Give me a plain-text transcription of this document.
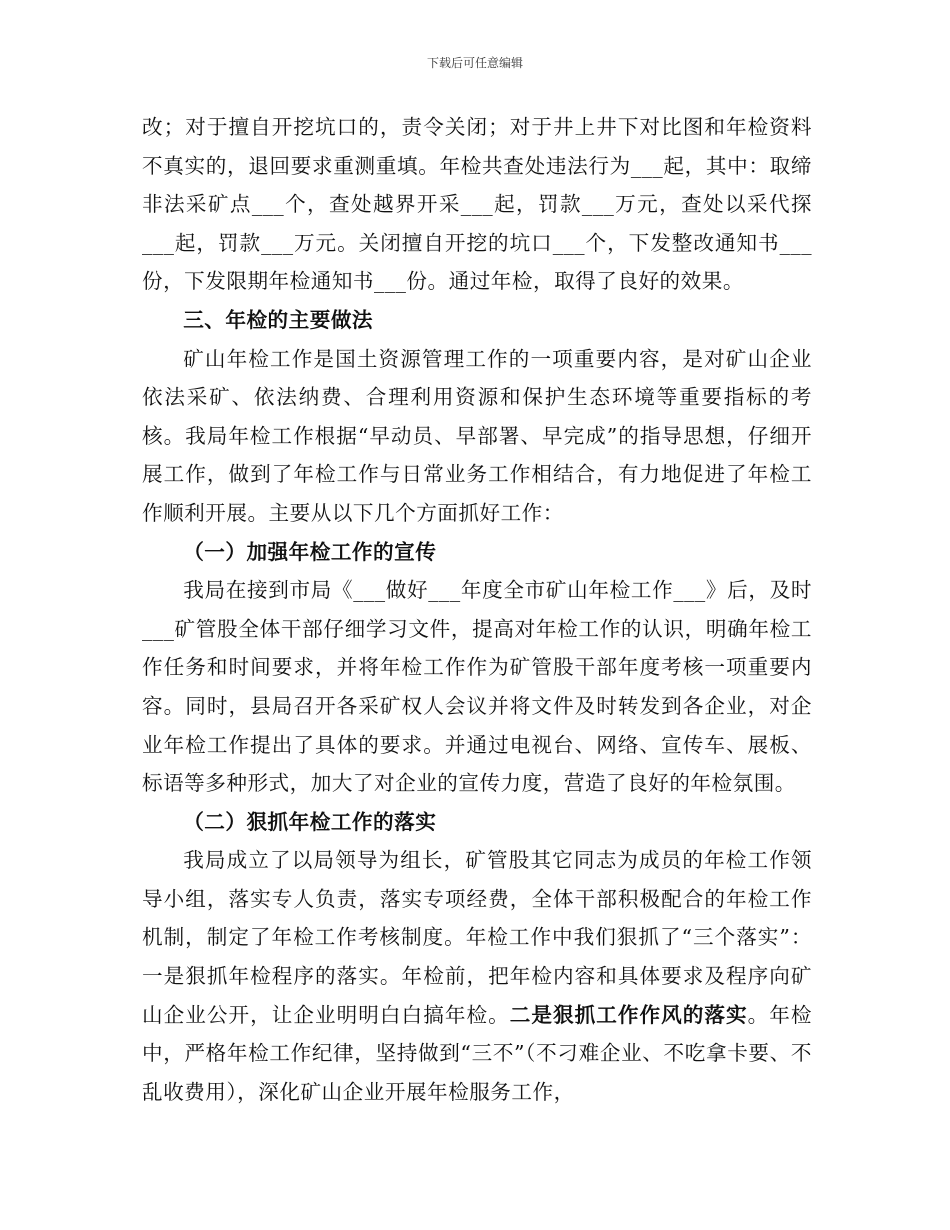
下载后可任意编辑

改；对于擅自开挖坑口的，责令关闭；对于井上井下对比图和年检资料不真实的，退回要求重测重填。年检共查处违法行为___起，其中：取缔非法采矿点___个，查处越界开采___起，罚款___万元，查处以采代探___起，罚款___万元。关闭擅自开挖的坑口___个，下发整改通知书___份，下发限期年检通知书___份。通过年检，取得了良好的效果。

三、年检的主要做法

矿山年检工作是国土资源管理工作的一项重要内容，是对矿山企业依法采矿、依法纳费、合理利用资源和保护生态环境等重要指标的考核。我局年检工作根据“早动员、早部署、早完成”的指导思想，仔细开展工作，做到了年检工作与日常业务工作相结合，有力地促进了年检工作顺利开展。主要从以下几个方面抓好工作：

（一）加强年检工作的宣传

我局在接到市局《___做好___年度全市矿山年检工作___》后，及时___矿管股全体干部仔细学习文件，提高对年检工作的认识，明确年检工作任务和时间要求，并将年检工作作为矿管股干部年度考核一项重要内容。同时，县局召开各采矿权人会议并将文件及时转发到各企业，对企业年检工作提出了具体的要求。并通过电视台、网络、宣传车、展板、标语等多种形式，加大了对企业的宣传力度，营造了良好的年检氛围。

（二）狠抓年检工作的落实

我局成立了以局领导为组长，矿管股其它同志为成员的年检工作领导小组，落实专人负责，落实专项经费，全体干部积极配合的年检工作机制，制定了年检工作考核制度。年检工作中我们狠抓了“三个落实”：一是狠抓年检程序的落实。年检前，把年检内容和具体要求及程序向矿山企业公开，让企业明明白白搞年检。二是狠抓工作作风的落实。年检中，严格年检工作纪律，坚持做到“三不”（不刁难企业、不吃拿卡要、不乱收费用），深化矿山企业开展年检服务工作，
